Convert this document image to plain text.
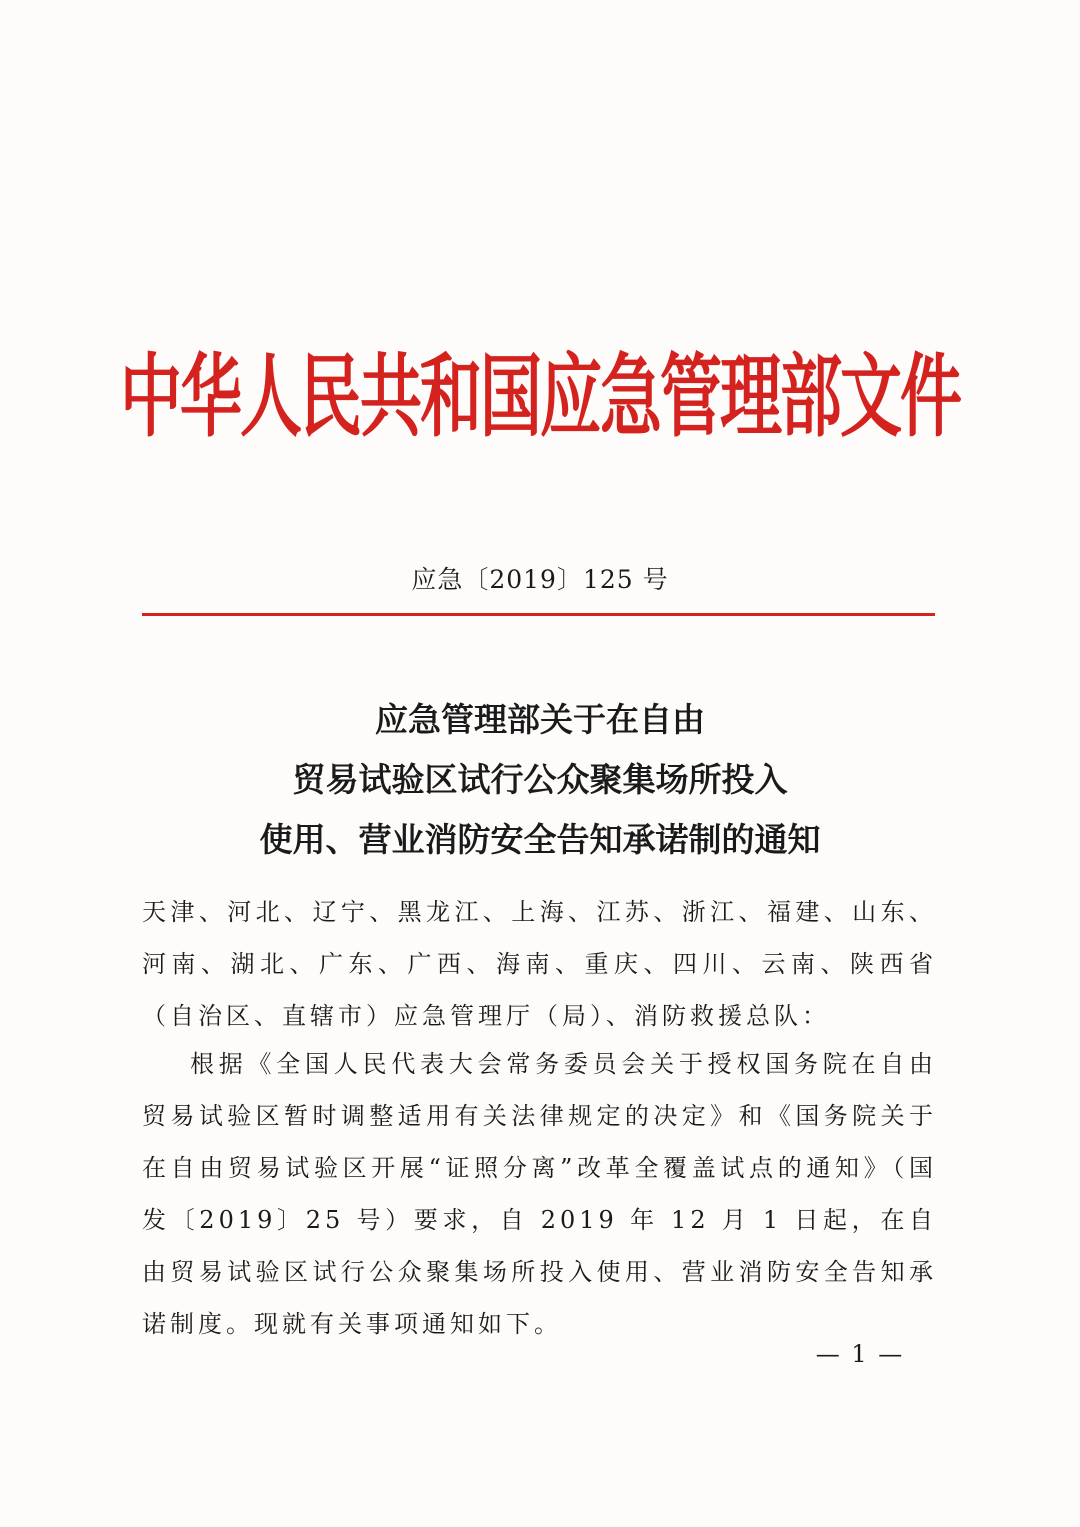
中华人民共和国应急管理部文件
应急〔2019〕125 号
应急管理部关于在自由
贸易试验区试行公众聚集场所投入
使用、营业消防安全告知承诺制的通知
天津、河北、辽宁、黑龙江、上海、江苏、浙江、福建、山东、河南、湖北、广东、广西、海南、重庆、四川、云南、陕西省（自治区、直辖市）应急管理厅（局）、消防救援总队：
根据《全国人民代表大会常务委员会关于授权国务院在自由贸易试验区暂时调整适用有关法律规定的决定》和《国务院关于在自由贸易试验区开展“证照分离”改革全覆盖试点的通知》（国发〔2019〕25 号）要求，自 2019 年 12 月 1 日起，在自由贸易试验区试行公众聚集场所投入使用、营业消防安全告知承诺制度。现就有关事项通知如下。
— 1 —
